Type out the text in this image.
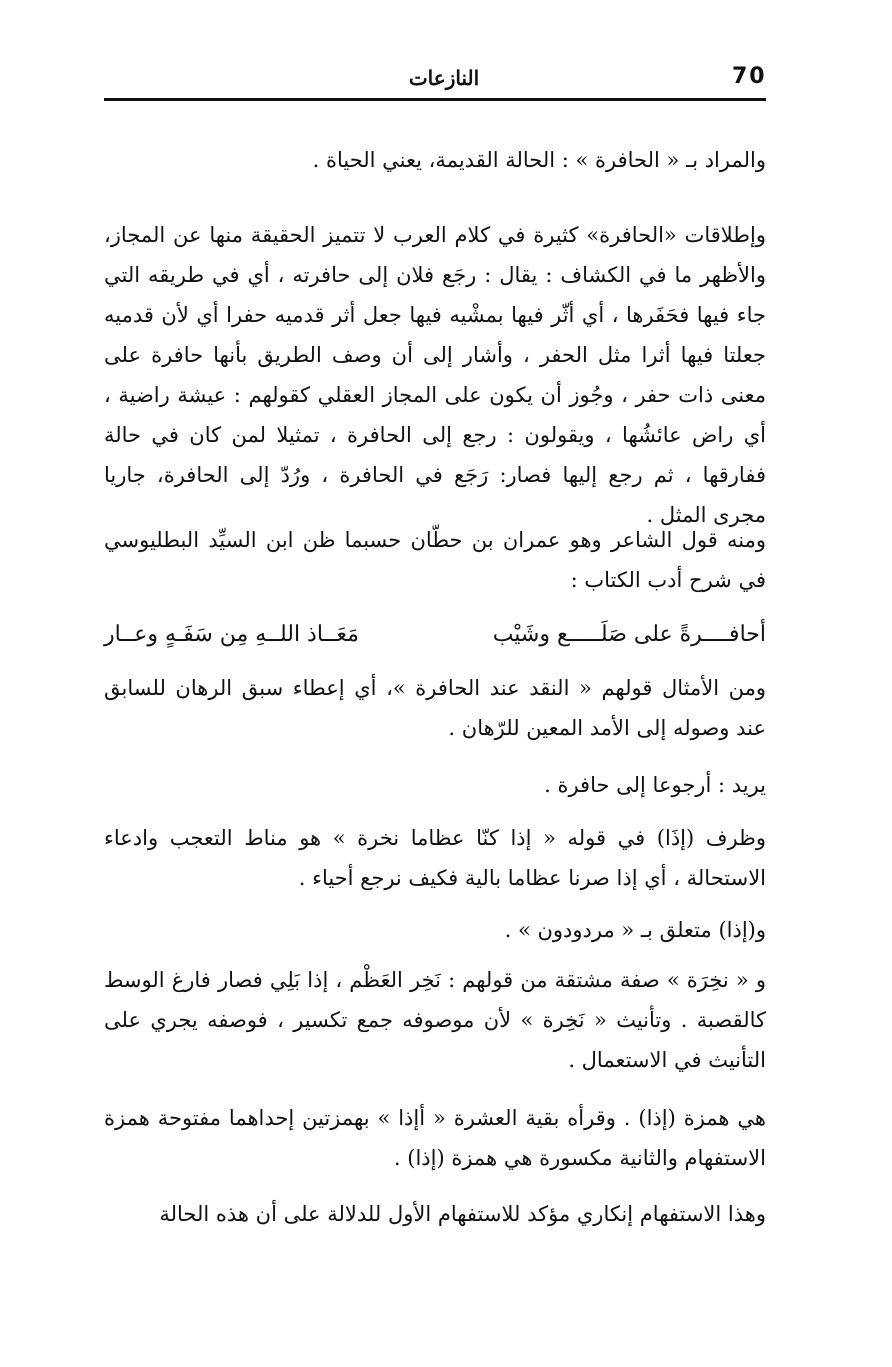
70
النازعات

والمراد بـ « الحافرة » : الحالة القديمة، يعني الحياة .

وإطلاقات «الحافرة» كثيرة في كلام العرب لا تتميز الحقيقة منها عن المجاز، والأظهر ما في الكشاف : يقال : رجَع فلان إلى حافرته ، أي في طريقه التي جاء فيها فحَفَرها ، أي أثّر فيها بمشْيه فيها جعل أثر قدميه حفرا أي لأن قدميه جعلتا فيها أثرا مثل الحفر ، وأشار إلى أن وصف الطريق بأنها حافرة على معنى ذات حفر ، وجُوز أن يكون على المجاز العقلي كقولهم : عيشة راضية ، أي راض عائشُها ، ويقولون : رجع إلى الحافرة ، تمثيلا لمن كان في حالة ففارقها ، ثم رجع إليها فصار: رَجَع في الحافرة ، ورُدّ إلى الحافرة، جاريا مجرى المثل .

ومنه قول الشاعر وهو عمران بن حطّان حسبما ظن ابن السيِّد البطليوسي في شرح أدب الكتاب :

أحافــــرةً على صَلَـــــع وشَيْب
مَعَــاذ اللــهِ مِن سَفَـهٍ وعــار

ومن الأمثال قولهم « النقد عند الحافرة »، أي إعطاء سبق الرهان للسابق عند وصوله إلى الأمد المعين للرّهان .

يريد : أرجوعا إلى حافرة .

وظرف (إذَا) في قوله « إذا كنّا عظاما نخرة » هو مناط التعجب وادعاء الاستحالة ، أي إذا صرنا عظاما بالية فكيف نرجع أحياء .

و(إذا) متعلق بـ « مردودون » .

و « نخِرَة » صفة مشتقة من قولهم : نَخِر العَظْم ، إذا بَلِي فصار فارغ الوسط كالقصبة . وتأنيث « نَخِرة » لأن موصوفه جمع تكسير ، فوصفه يجري على التأنيث في الاستعمال .

هي همزة (إذا) . وقرأه بقية العشرة « أإذا » بهمزتين إحداهما مفتوحة همزة الاستفهام والثانية مكسورة هي همزة (إذا) .

وهذا الاستفهام إنكاري مؤكد للاستفهام الأول للدلالة على أن هذه الحالة
